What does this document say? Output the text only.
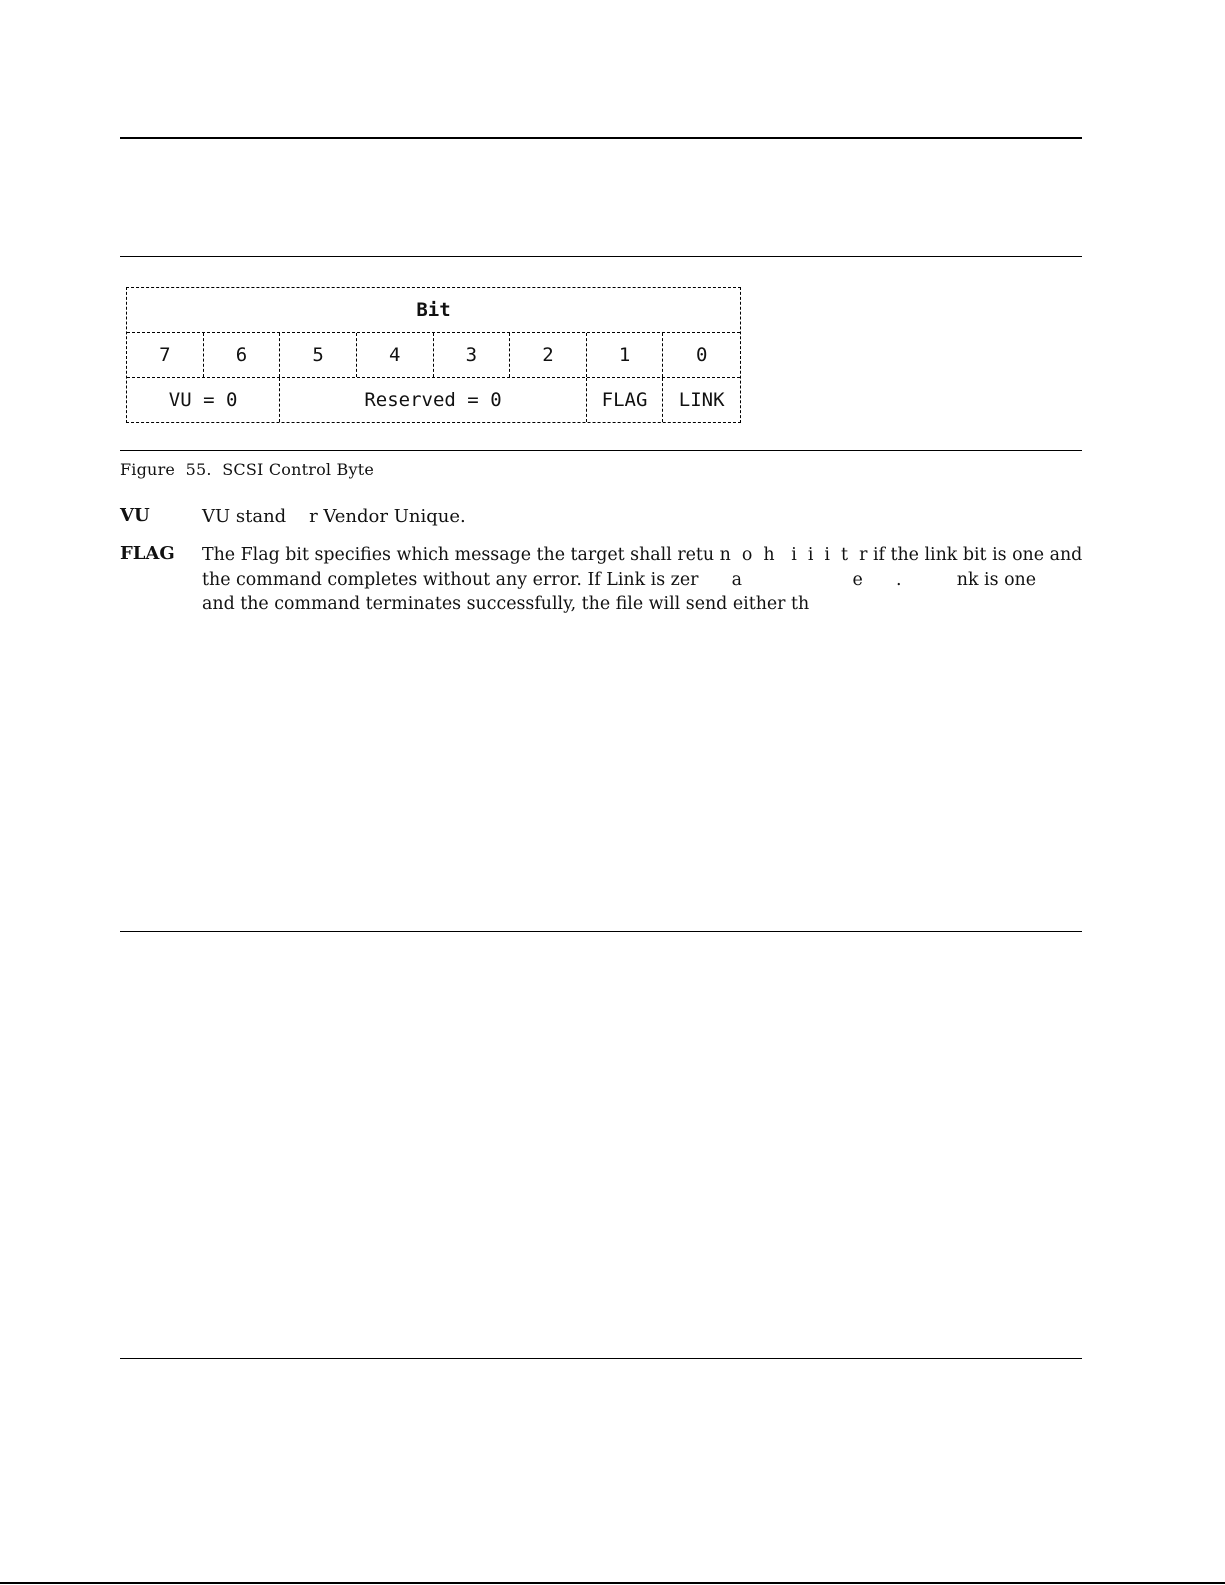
Bit
7	6	5	4	3	2	1	0
VU = 0	Reserved = 0	FLAG	LINK
Figure  55.  SCSI Control Byte
VU	VU stand    r Vendor Unique.
FLAG The Flag bit specifies which message the target shall retu n  o  h   i  i  i  t  r if the link bit is one and
the command completes without any error. If Link is zer      a                    e      .          nk is one
and the command terminates successfully, the file will send either th
